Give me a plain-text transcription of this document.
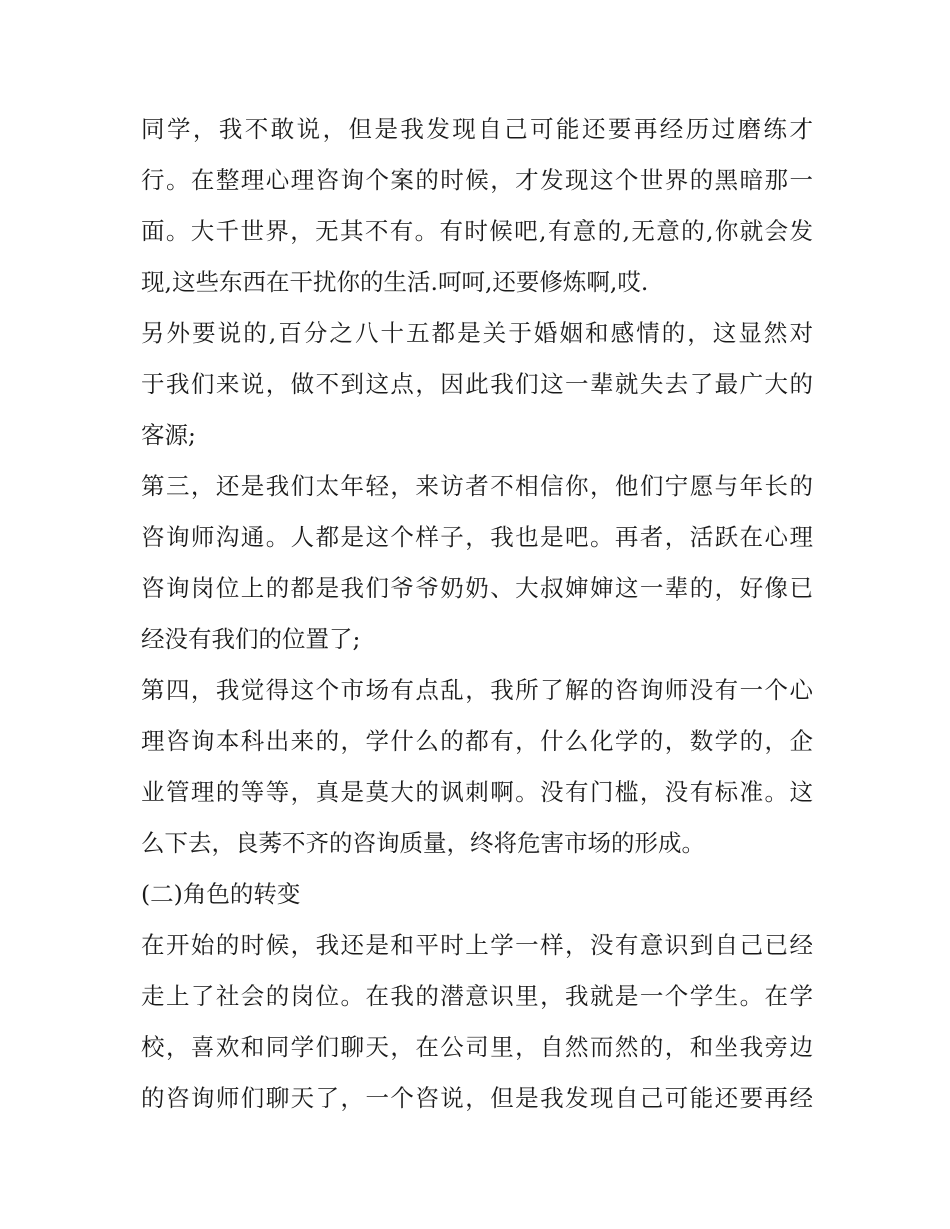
同学，我不敢说，但是我发现自己可能还要再经历过磨练才
行。在整理心理咨询个案的时候，才发现这个世界的黑暗那一
面。大千世界，无其不有。有时候吧,有意的,无意的,你就会发
现,这些东西在干扰你的生活.呵呵,还要修炼啊,哎.
另外要说的,百分之八十五都是关于婚姻和感情的，这显然对
于我们来说，做不到这点，因此我们这一辈就失去了最广大的
客源;
第三，还是我们太年轻，来访者不相信你，他们宁愿与年长的
咨询师沟通。人都是这个样子，我也是吧。再者，活跃在心理
咨询岗位上的都是我们爷爷奶奶、大叔婶婶这一辈的，好像已
经没有我们的位置了;
第四，我觉得这个市场有点乱，我所了解的咨询师没有一个心
理咨询本科出来的，学什么的都有，什么化学的，数学的，企
业管理的等等，真是莫大的讽刺啊。没有门槛，没有标准。这
么下去，良莠不齐的咨询质量，终将危害市场的形成。
(二)角色的转变
在开始的时候，我还是和平时上学一样，没有意识到自己已经
走上了社会的岗位。在我的潜意识里，我就是一个学生。在学
校，喜欢和同学们聊天，在公司里，自然而然的，和坐我旁边
的咨询师们聊天了，一个咨说，但是我发现自己可能还要再经
